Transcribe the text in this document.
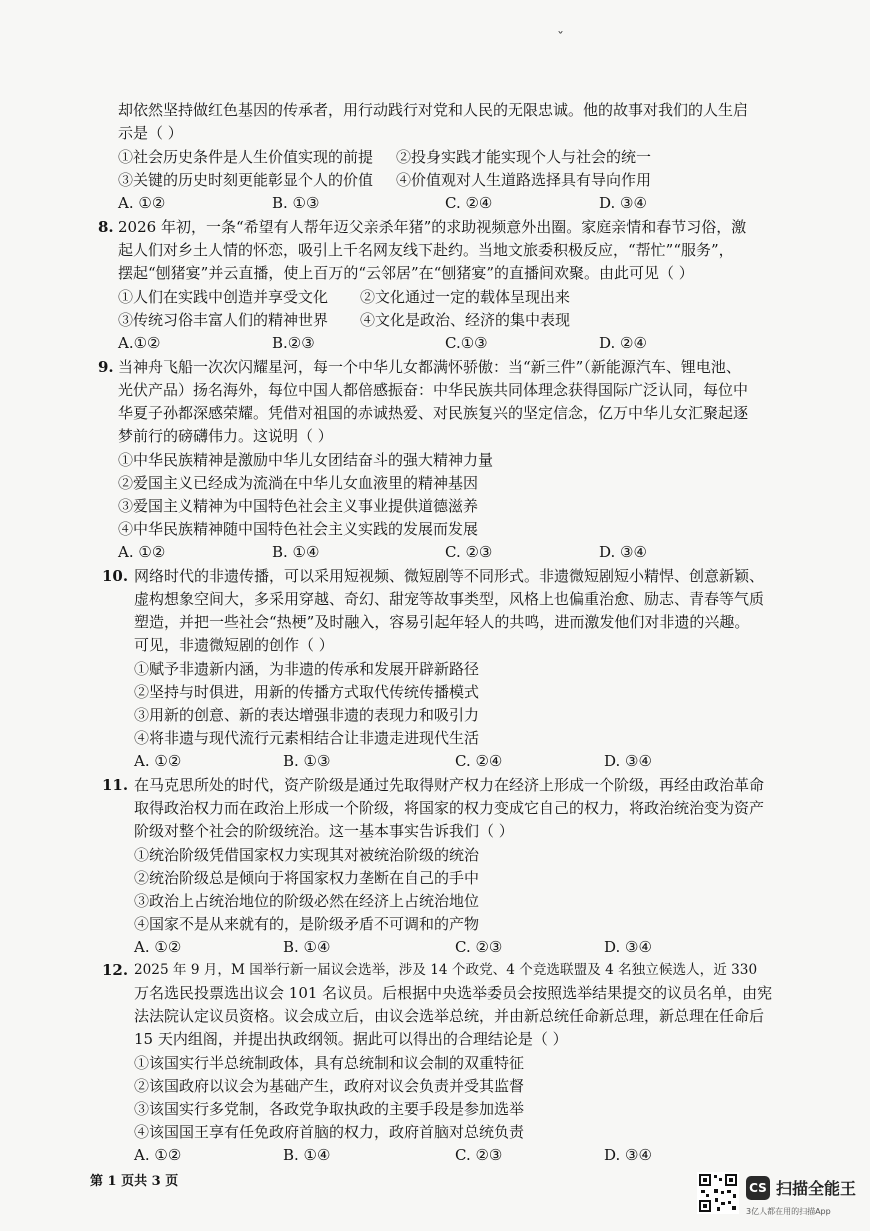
ˇ
却依然坚持做红色基因的传承者，用行动践行对党和人民的无限忠诚。他的故事对我们的人生启
示是（ ）
①社会历史条件是人生价值实现的前提 ②投身实践才能实现个人与社会的统一
③关键的历史时刻更能彰显个人的价值 ④价值观对人生道路选择具有导向作用
A. ①②	B. ①③	C. ②④	D. ③④
8. 2026 年初，一条“希望有人帮年迈父亲杀年猪”的求助视频意外出圈。家庭亲情和春节习俗，激
起人们对乡土人情的怀恋，吸引上千名网友线下赴约。当地文旅委积极反应，“帮忙”“服务”，
摆起“刨猪宴”并云直播，使上百万的“云邻居”在“刨猪宴”的直播间欢聚。由此可见（ ）
①人们在实践中创造并享受文化 ②文化通过一定的载体呈现出来
③传统习俗丰富人们的精神世界 ④文化是政治、经济的集中表现
A.①②	B.②③	C.①③	D. ②④
9. 当神舟飞船一次次闪耀星河，每一个中华儿女都满怀骄傲：当“新三件”（新能源汽车、锂电池、
光伏产品）扬名海外，每位中国人都倍感振奋：中华民族共同体理念获得国际广泛认同，每位中
华夏子孙都深感荣耀。凭借对祖国的赤诚热爱、对民族复兴的坚定信念，亿万中华儿女汇聚起逐
梦前行的磅礴伟力。这说明（ ）
①中华民族精神是激励中华儿女团结奋斗的强大精神力量
②爱国主义已经成为流淌在中华儿女血液里的精神基因
③爱国主义精神为中国特色社会主义事业提供道德滋养
④中华民族精神随中国特色社会主义实践的发展而发展
A. ①②	B. ①④	C. ②③	D. ③④
10. 网络时代的非遗传播，可以采用短视频、微短剧等不同形式。非遗微短剧短小精悍、创意新颖、
虚构想象空间大，多采用穿越、奇幻、甜宠等故事类型，风格上也偏重治愈、励志、青春等气质
塑造，并把一些社会“热梗”及时融入，容易引起年轻人的共鸣，进而激发他们对非遗的兴趣。
可见，非遗微短剧的创作（ ）
①赋予非遗新内涵，为非遗的传承和发展开辟新路径
②坚持与时俱进，用新的传播方式取代传统传播模式
③用新的创意、新的表达增强非遗的表现力和吸引力
④将非遗与现代流行元素相结合让非遗走进现代生活
A. ①②	B. ①③	C. ②④	D. ③④
11. 在马克思所处的时代，资产阶级是通过先取得财产权力在经济上形成一个阶级，再经由政治革命
取得政治权力而在政治上形成一个阶级，将国家的权力变成它自己的权力，将政治统治变为资产
阶级对整个社会的阶级统治。这一基本事实告诉我们（ ）
①统治阶级凭借国家权力实现其对被统治阶级的统治
②统治阶级总是倾向于将国家权力垄断在自己的手中
③政治上占统治地位的阶级必然在经济上占统治地位
④国家不是从来就有的，是阶级矛盾不可调和的产物
A. ①②	B. ①④	C. ②③	D. ③④
12. 2025 年 9 月，M 国举行新一届议会选举，涉及 14 个政党、4 个竞选联盟及 4 名独立候选人，近 330
万名选民投票选出议会 101 名议员。后根据中央选举委员会按照选举结果提交的议员名单，由宪
法法院认定议员资格。议会成立后，由议会选举总统，并由新总统任命新总理，新总理在任命后
15 天内组阁，并提出执政纲领。据此可以得出的合理结论是（ ）
①该国实行半总统制政体，具有总统制和议会制的双重特征
②该国政府以议会为基础产生，政府对议会负责并受其监督
③该国实行多党制，各政党争取执政的主要手段是参加选举
④该国国王享有任免政府首脑的权力，政府首脑对总统负责
A. ①②	B. ①④	C. ②③	D. ③④
第 1 页共 3 页	CS 扫描全能王
3亿人都在用的扫描App
